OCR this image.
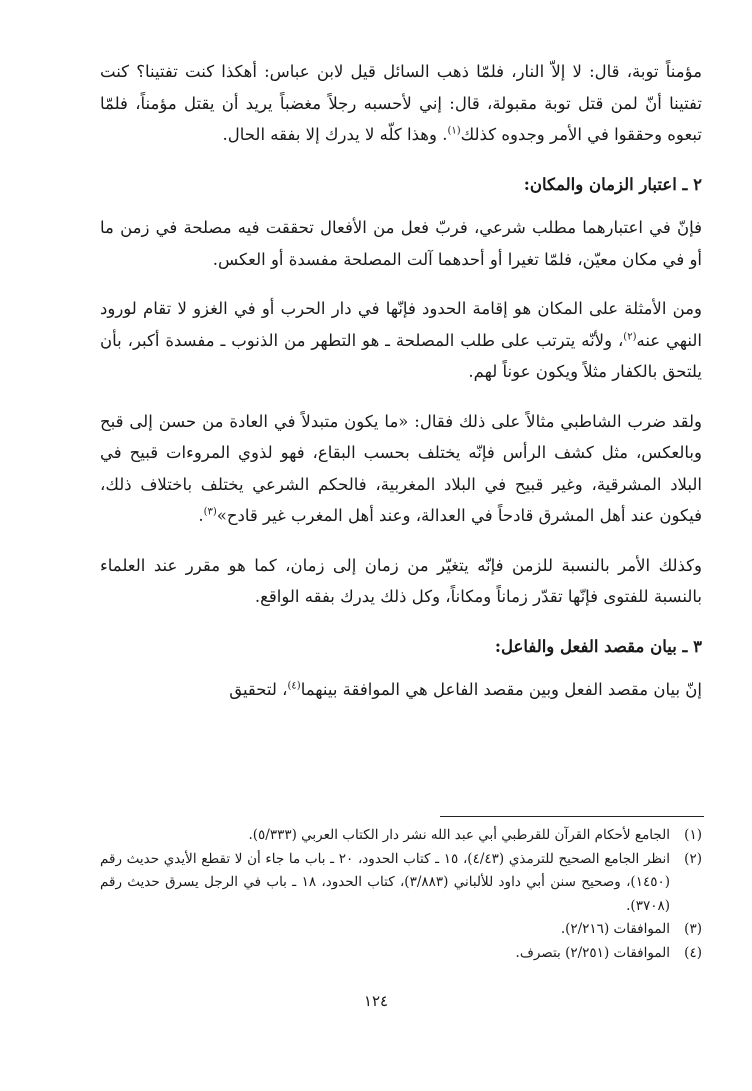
مؤمناً توبة، قال: لا إلاّ النار، فلمّا ذهب السائل قيل لابن عباس: أهكذا كنت تفتينا؟ كنت تفتينا أنّ لمن قتل توبة مقبولة، قال: إني لأحسبه رجلاً مغضباً يريد أن يقتل مؤمناً، فلمّا تبعوه وحققوا في الأمر وجدوه كذلك$^{(١)}$. وهذا كلّه لا يدرك إلا بفقه الحال.

٢ ـ اعتبار الزمان والمكان:

فإنّ في اعتبارهما مطلب شرعي، فربّ فعل من الأفعال تحققت فيه مصلحة في زمن ما أو في مكان معيّن، فلمّا تغيرا أو أحدهما آلت المصلحة مفسدة أو العكس.

ومن الأمثلة على المكان هو إقامة الحدود فإنّها في دار الحرب أو في الغزو لا تقام لورود النهي عنه$^{(٢)}$، ولأنّه يترتب على طلب المصلحة ـ هو التطهر من الذنوب ـ مفسدة أكبر، بأن يلتحق بالكفار مثلاً ويكون عوناً لهم.

ولقد ضرب الشاطبي مثالاً على ذلك فقال: «ما يكون متبدلاً في العادة من حسن إلى قبح وبالعكس، مثل كشف الرأس فإنّه يختلف بحسب البقاع، فهو لذوي المروءات قبيح في البلاد المشرقية، وغير قبيح في البلاد المغربية، فالحكم الشرعي يختلف باختلاف ذلك، فيكون عند أهل المشرق قادحاً في العدالة، وعند أهل المغرب غير قادح»$^{(٣)}$.

وكذلك الأمر بالنسبة للزمن فإنّه يتغيّر من زمان إلى زمان، كما هو مقرر عند العلماء بالنسبة للفتوى فإنّها تقدّر زماناً ومكاناً، وكل ذلك يدرك بفقه الواقع.

٣ ـ بيان مقصد الفعل والفاعل:

إنّ بيان مقصد الفعل وبين مقصد الفاعل هي الموافقة بينهما$^{(٤)}$، لتحقيق

(١)
الجامع لأحكام القرآن للقرطبي أبي عبد الله نشر دار الكتاب العربي (٥/٣٣٣).
(٢)
انظر الجامع الصحيح للترمذي (٤/٤٣)، ١٥ ـ كتاب الحدود، ٢٠ ـ باب ما جاء أن لا تقطع الأيدي حديث رقم (١٤٥٠)، وصحيح سنن أبي داود للألباني (٣/٨٨٣)، كتاب الحدود، ١٨ ـ باب في الرجل يسرق حديث رقم (٣٧٠٨).
(٣)
الموافقات (٢/٢١٦).
(٤)
الموافقات (٢/٢٥١) بتصرف.
١٢٤
